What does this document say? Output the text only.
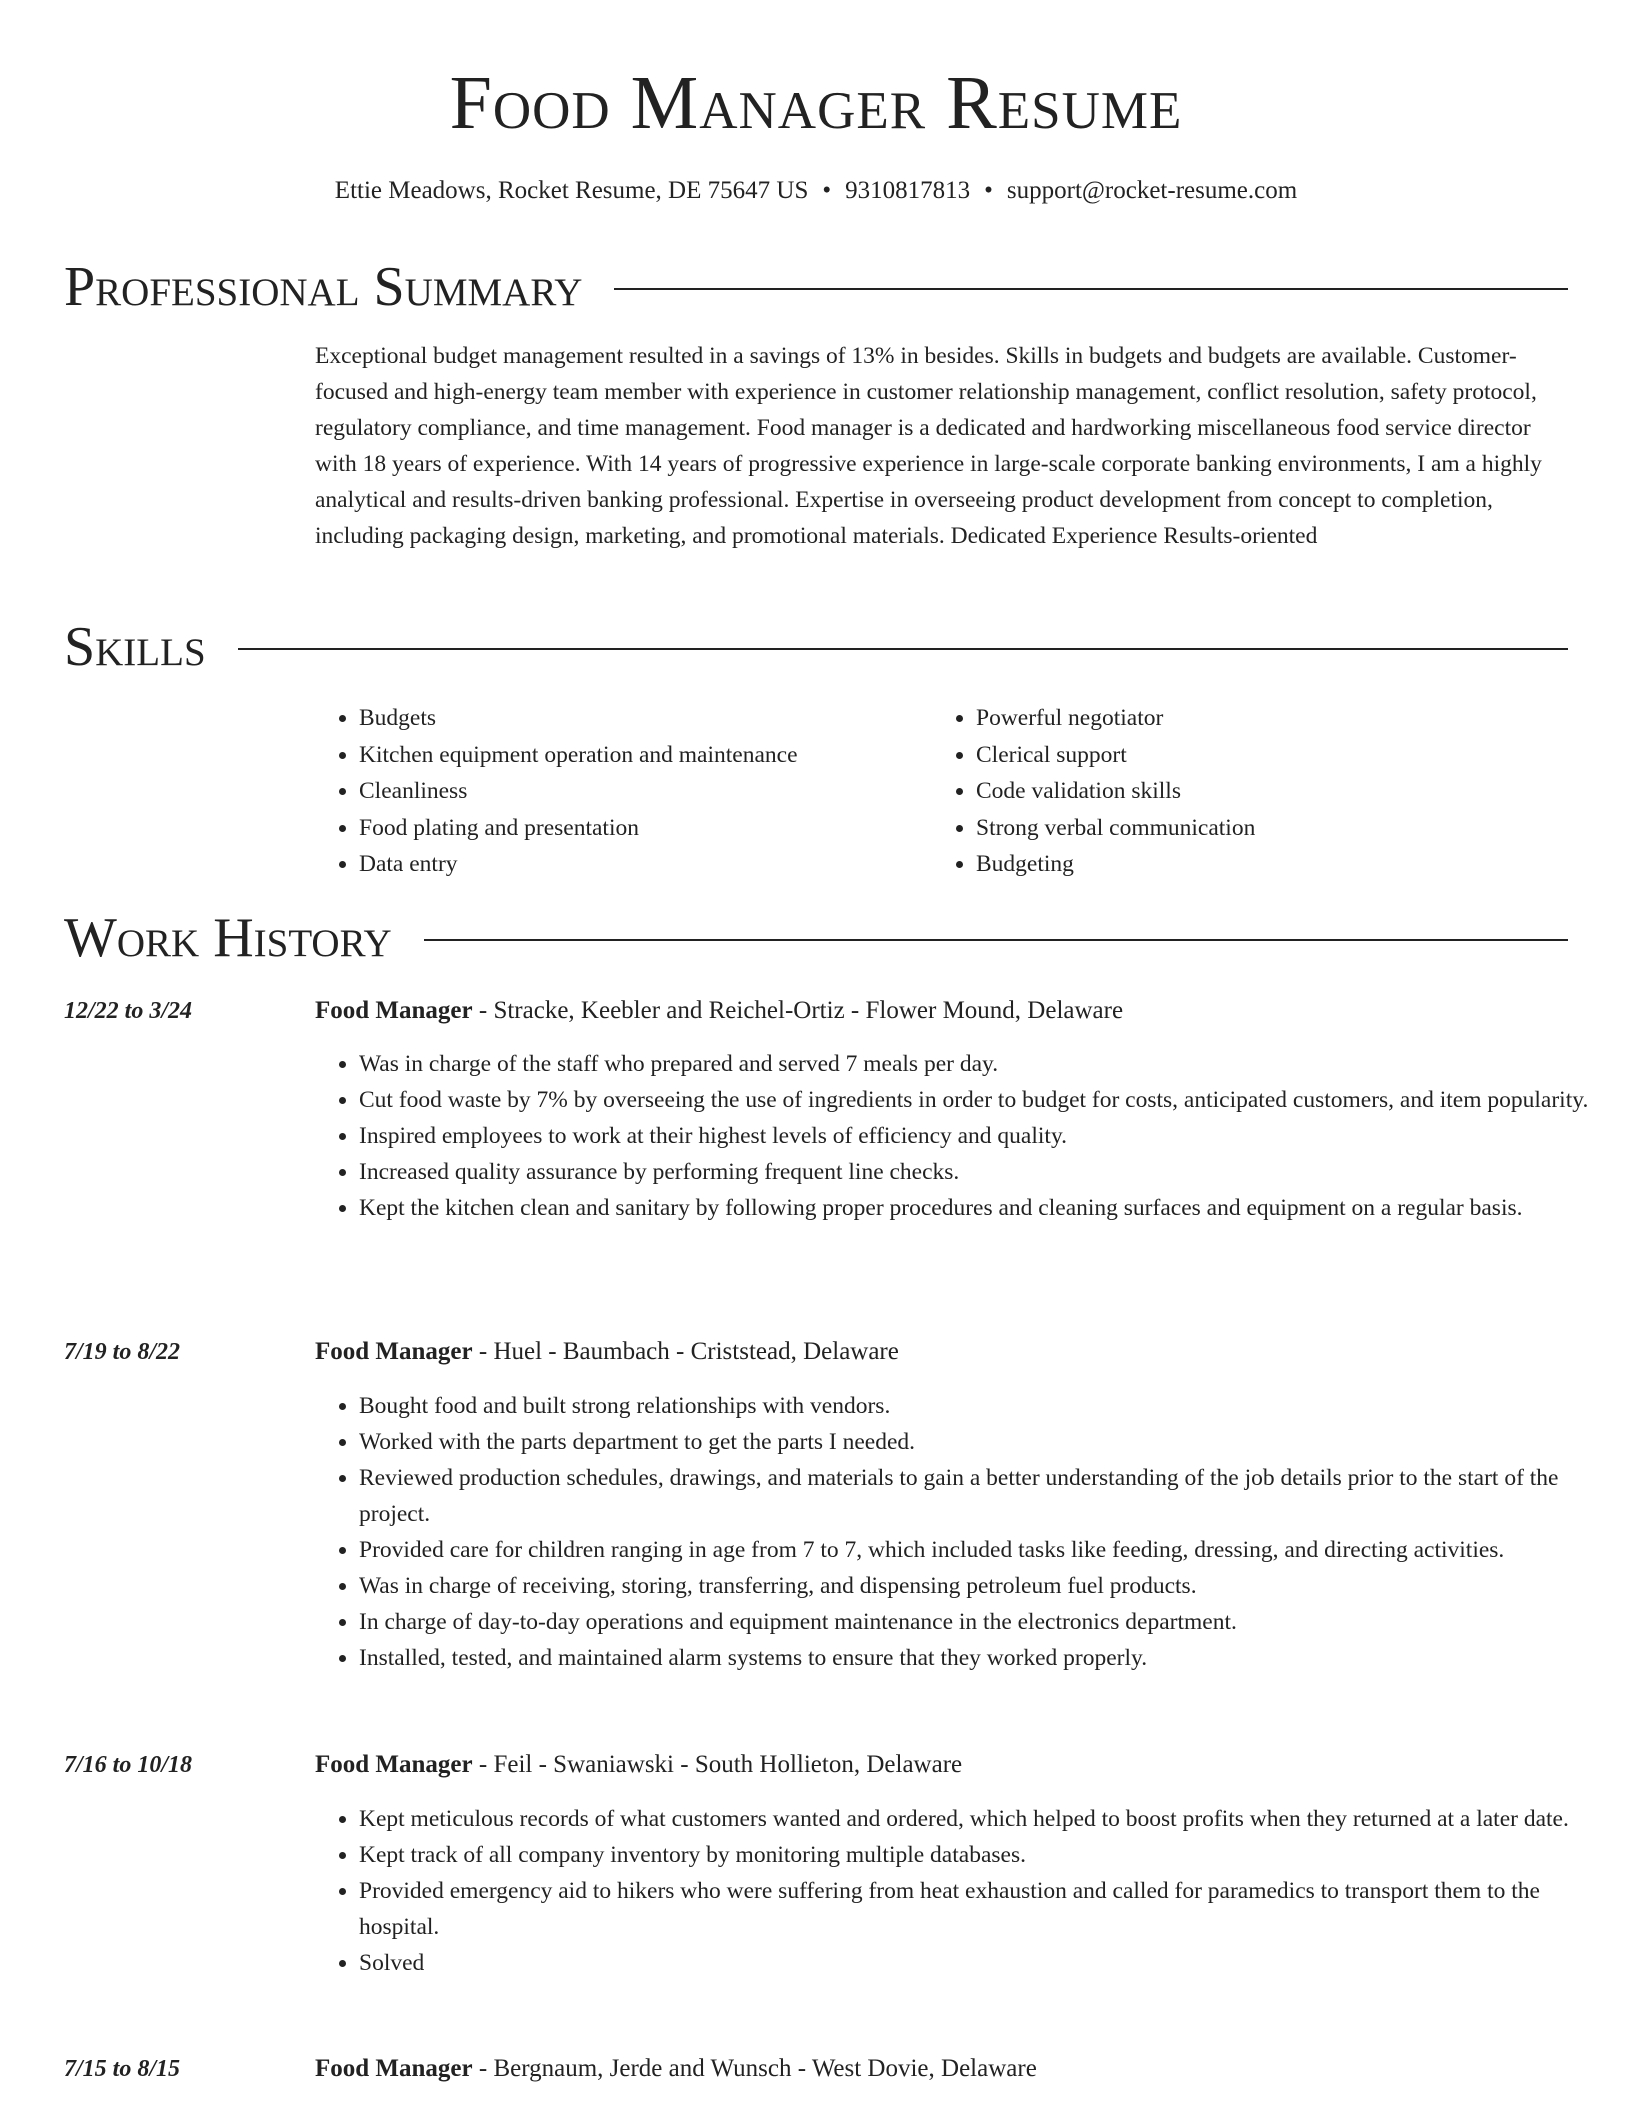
Food Manager Resume
Ettie Meadows, Rocket Resume, DE 75647 US • 9310817813 • support@rocket-resume.com
Professional Summary

Exceptional budget management resulted in a savings of 13% in besides. Skills in budgets and budgets are available. Customer-focused and high-energy team member with experience in customer relationship management, conflict resolution, safety protocol, regulatory compliance, and time management. Food manager is a dedicated and hardworking miscellaneous food service director with 18 years of experience. With 14 years of progressive experience in large-scale corporate banking environments, I am a highly analytical and results-driven banking professional. Expertise in overseeing product development from concept to completion, including packaging design, marketing, and promotional materials. Dedicated Experience Results-oriented

Skills
• Budgets
• Kitchen equipment operation and maintenance
• Cleanliness
• Food plating and presentation
• Data entry
• Powerful negotiator
• Clerical support
• Code validation skills
• Strong verbal communication
• Budgeting
Work History
12/22 to 3/24	Food Manager - Stracke, Keebler and Reichel-Ortiz - Flower Mound, Delaware
• Was in charge of the staff who prepared and served 7 meals per day.
• Cut food waste by 7% by overseeing the use of ingredients in order to budget for costs, anticipated customers, and item popularity.
• Inspired employees to work at their highest levels of efficiency and quality.
• Increased quality assurance by performing frequent line checks.
• Kept the kitchen clean and sanitary by following proper procedures and cleaning surfaces and equipment on a regular basis.
7/19 to 8/22	Food Manager - Huel - Baumbach - Criststead, Delaware
• Bought food and built strong relationships with vendors.
• Worked with the parts department to get the parts I needed.
• Reviewed production schedules, drawings, and materials to gain a better understanding of the job details prior to the start of the project.
• Provided care for children ranging in age from 7 to 7, which included tasks like feeding, dressing, and directing activities.
• Was in charge of receiving, storing, transferring, and dispensing petroleum fuel products.
• In charge of day-to-day operations and equipment maintenance in the electronics department.
• Installed, tested, and maintained alarm systems to ensure that they worked properly.
7/16 to 10/18	Food Manager - Feil - Swaniawski - South Hollieton, Delaware
• Kept meticulous records of what customers wanted and ordered, which helped to boost profits when they returned at a later date.
• Kept track of all company inventory by monitoring multiple databases.
• Provided emergency aid to hikers who were suffering from heat exhaustion and called for paramedics to transport them to the hospital.
• Solved
7/15 to 8/15	Food Manager - Bergnaum, Jerde and Wunsch - West Dovie, Delaware
